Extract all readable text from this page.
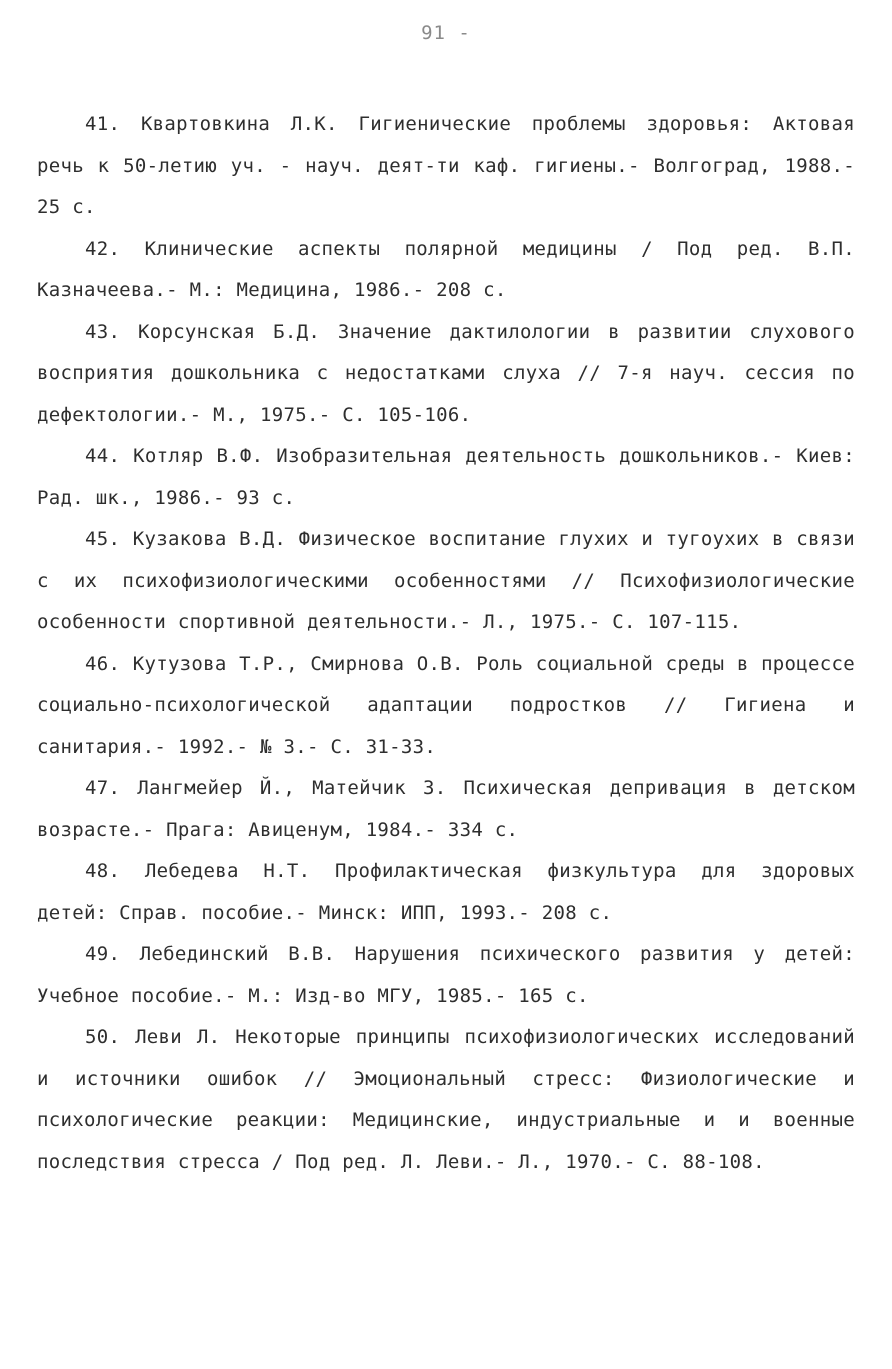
91 -

41. Квартовкина Л.К. Гигиенические проблемы здоровья: Актовая речь к 50-летию уч. - науч. деят-ти каф. гигиены.- Волгоград, 1988.- 25 с.

42. Клинические аспекты полярной медицины / Под ред. В.П. Казначеева.- М.: Медицина, 1986.- 208 с.

43. Корсунская Б.Д. Значение дактилологии в развитии слухового восприятия дошкольника с недостатками слуха // 7-я науч. сессия по дефектологии.- М., 1975.- С. 105-106.

44. Котляр В.Ф. Изобразительная деятельность дошкольников.- Киев: Рад. шк., 1986.- 93 с.

45. Кузакова В.Д. Физическое воспитание глухих и тугоухих в связи с их психофизиологическими особенностями // Психофизиологические особенности спортивной деятельности.- Л., 1975.- С. 107-115.

46. Кутузова Т.Р., Смирнова О.В. Роль социальной среды в процессе социально-психологической адаптации подростков // Гигиена и санитария.- 1992.- № 3.- С. 31-33.

47. Лангмейер Й., Матейчик З. Психическая депривация в детском возрасте.- Прага: Авиценум, 1984.- 334 с.

48. Лебедева Н.Т. Профилактическая физкультура для здоровых детей: Справ. пособие.- Минск: ИПП, 1993.- 208 с.

49. Лебединский В.В. Нарушения психического развития у детей: Учебное пособие.- М.: Изд-во МГУ, 1985.- 165 с.

50. Леви Л. Некоторые принципы психофизиологических исследований и источники ошибок // Эмоциональный стресс: Физиологические и психологические реакции: Медицинские, индустриальные и и военные последствия стресса / Под ред. Л. Леви.- Л., 1970.- С. 88-108.
